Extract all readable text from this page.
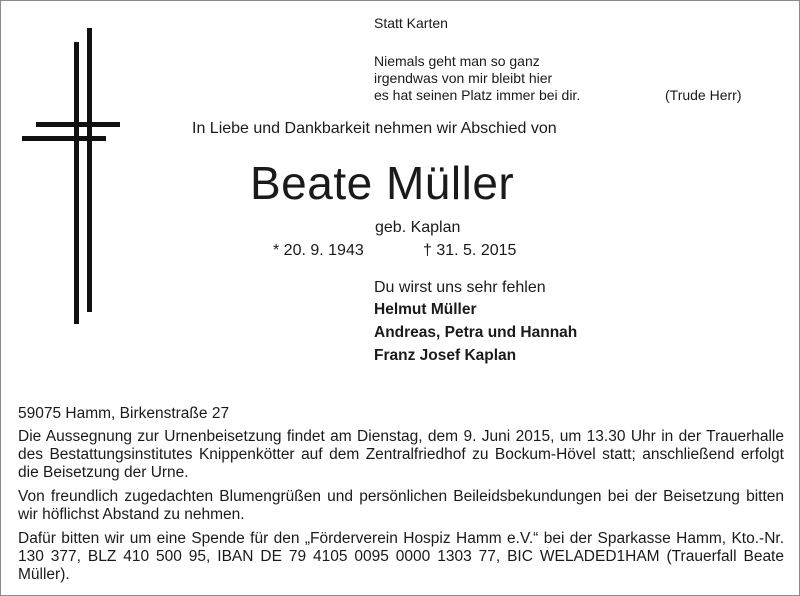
Statt Karten
Niemals geht man so ganz
irgendwas von mir bleibt hier
es hat seinen Platz immer bei dir.	(Trude Herr)
In Liebe und Dankbarkeit nehmen wir Abschied von
Beate Müller
geb. Kaplan
* 20. 9. 1943	† 31. 5. 2015
Du wirst uns sehr fehlen
Helmut Müller
Andreas, Petra und Hannah
Franz Josef Kaplan
59075 Hamm, Birkenstraße 27
Die Aussegnung zur Urnenbeisetzung findet am Dienstag, dem 9. Juni 2015, um 13.30 Uhr in der Trauerhalle des Bestattungsinstitutes Knippenkötter auf dem Zentralfriedhof zu Bockum-Hövel statt; anschließend erfolgt die Beisetzung der Urne.
Von freundlich zugedachten Blumengrüßen und persönlichen Beileidsbekundungen bei der Beisetzung bitten wir höflichst Abstand zu nehmen.
Dafür bitten wir um eine Spende für den „Förderverein Hospiz Hamm e.V.“ bei der Sparkasse Hamm, Kto.-Nr. 130 377, BLZ 410 500 95, IBAN DE 79 4105 0095 0000 1303 77, BIC WELADED1HAM (Trauerfall Beate Müller).
